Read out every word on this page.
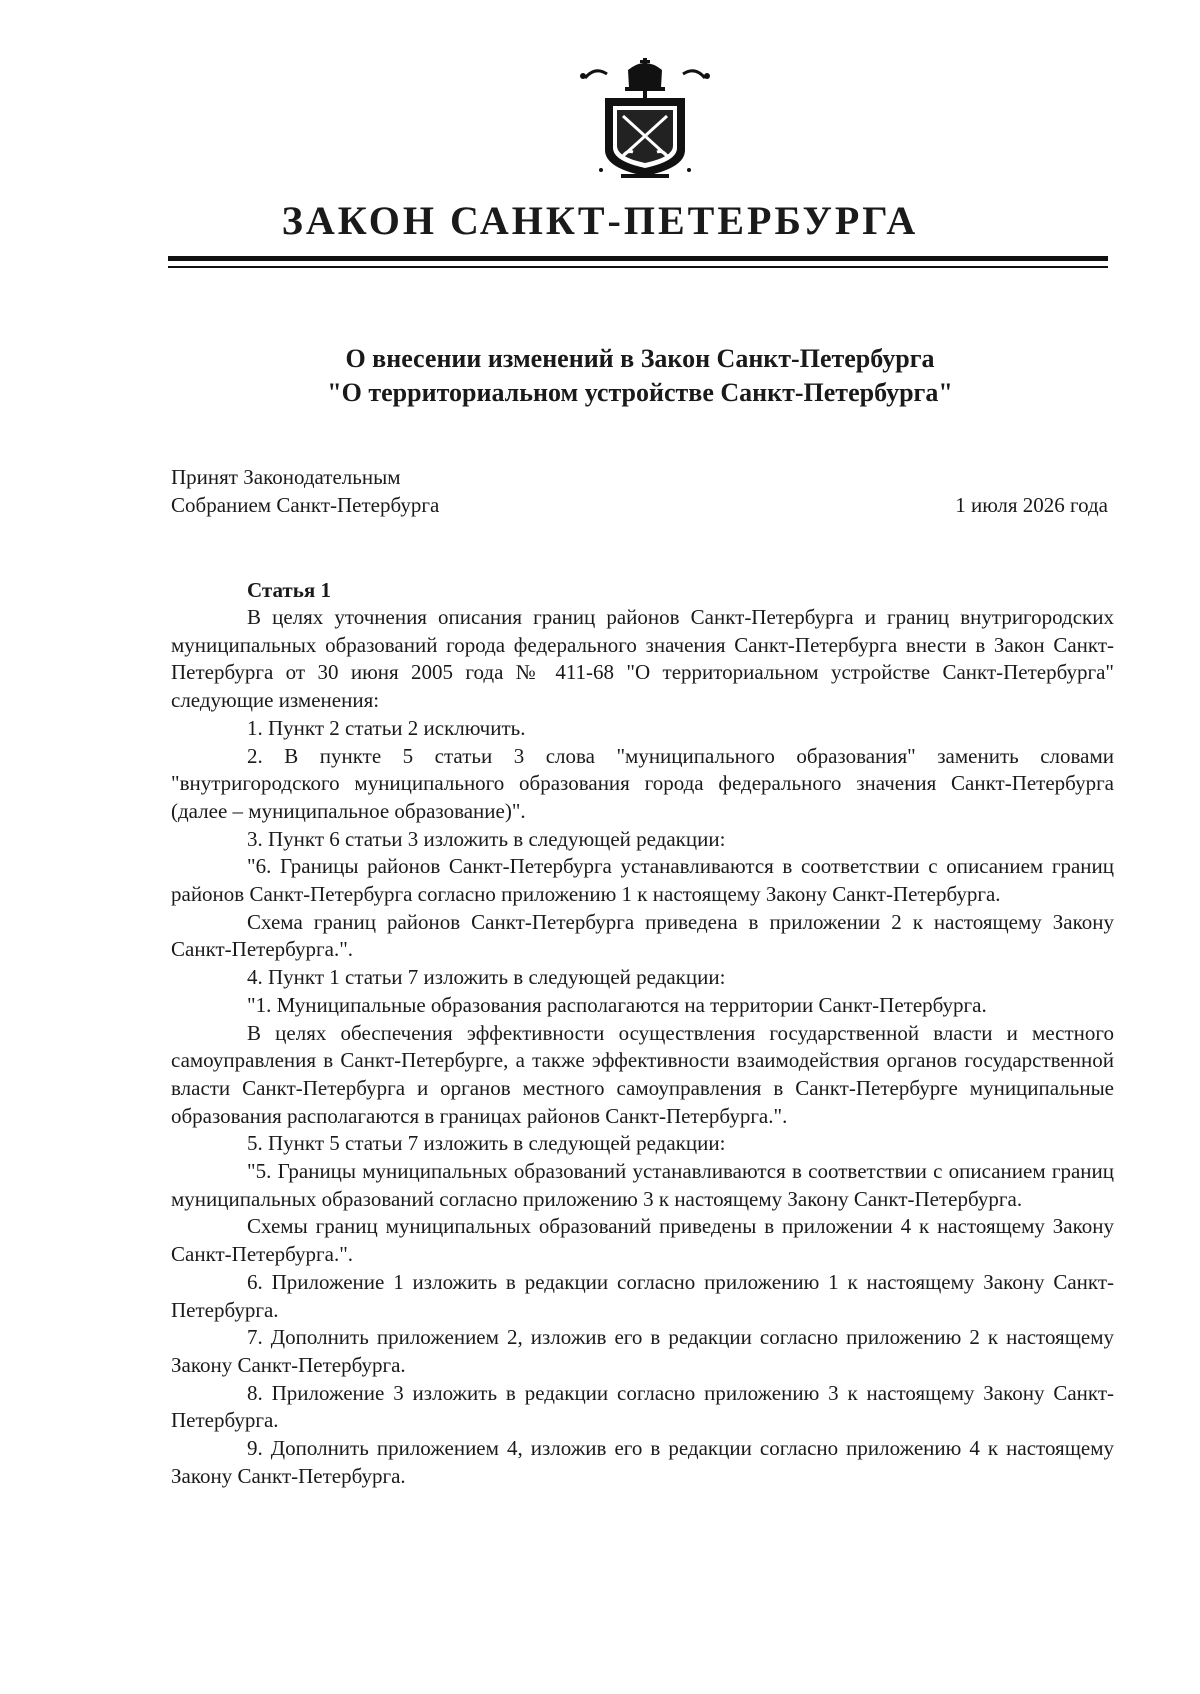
ЗАКОН САНКТ-ПЕТЕРБУРГА
О внесении изменений в Закон Санкт-Петербурга
"О территориальном устройстве Санкт-Петербурга"
Принят Законодательным
Собранием Санкт-Петербурга	1 июля 2026 года
Статья 1

В целях уточнения описания границ районов Санкт-Петербурга и границ внутригородских муниципальных образований города федерального значения Санкт-Петербурга внести в Закон Санкт-Петербурга от 30 июня 2005 года № 411-68 "О территориальном устройстве Санкт-Петербурга" следующие изменения:

1. Пункт 2 статьи 2 исключить.

2. В пункте 5 статьи 3 слова "муниципального образования" заменить словами "внутригородского муниципального образования города федерального значения Санкт-Петербурга (далее – муниципальное образование)".

3. Пункт 6 статьи 3 изложить в следующей редакции:

"6. Границы районов Санкт-Петербурга устанавливаются в соответствии с описанием границ районов Санкт-Петербурга согласно приложению 1 к настоящему Закону Санкт-Петербурга.

Схема границ районов Санкт-Петербурга приведена в приложении 2 к настоящему Закону Санкт-Петербурга.".

4. Пункт 1 статьи 7 изложить в следующей редакции:

"1. Муниципальные образования располагаются на территории Санкт-Петербурга.

В целях обеспечения эффективности осуществления государственной власти и местного самоуправления в Санкт-Петербурге, а также эффективности взаимодействия органов государственной власти Санкт-Петербурга и органов местного самоуправления в Санкт-Петербурге муниципальные образования располагаются в границах районов Санкт-Петербурга.".

5. Пункт 5 статьи 7 изложить в следующей редакции:

"5. Границы муниципальных образований устанавливаются в соответствии с описанием границ муниципальных образований согласно приложению 3 к настоящему Закону Санкт-Петербурга.

Схемы границ муниципальных образований приведены в приложении 4 к настоящему Закону Санкт-Петербурга.".

6. Приложение 1 изложить в редакции согласно приложению 1 к настоящему Закону Санкт-Петербурга.

7. Дополнить приложением 2, изложив его в редакции согласно приложению 2 к настоящему Закону Санкт-Петербурга.

8. Приложение 3 изложить в редакции согласно приложению 3 к настоящему Закону Санкт-Петербурга.

9. Дополнить приложением 4, изложив его в редакции согласно приложению 4 к настоящему Закону Санкт-Петербурга.
